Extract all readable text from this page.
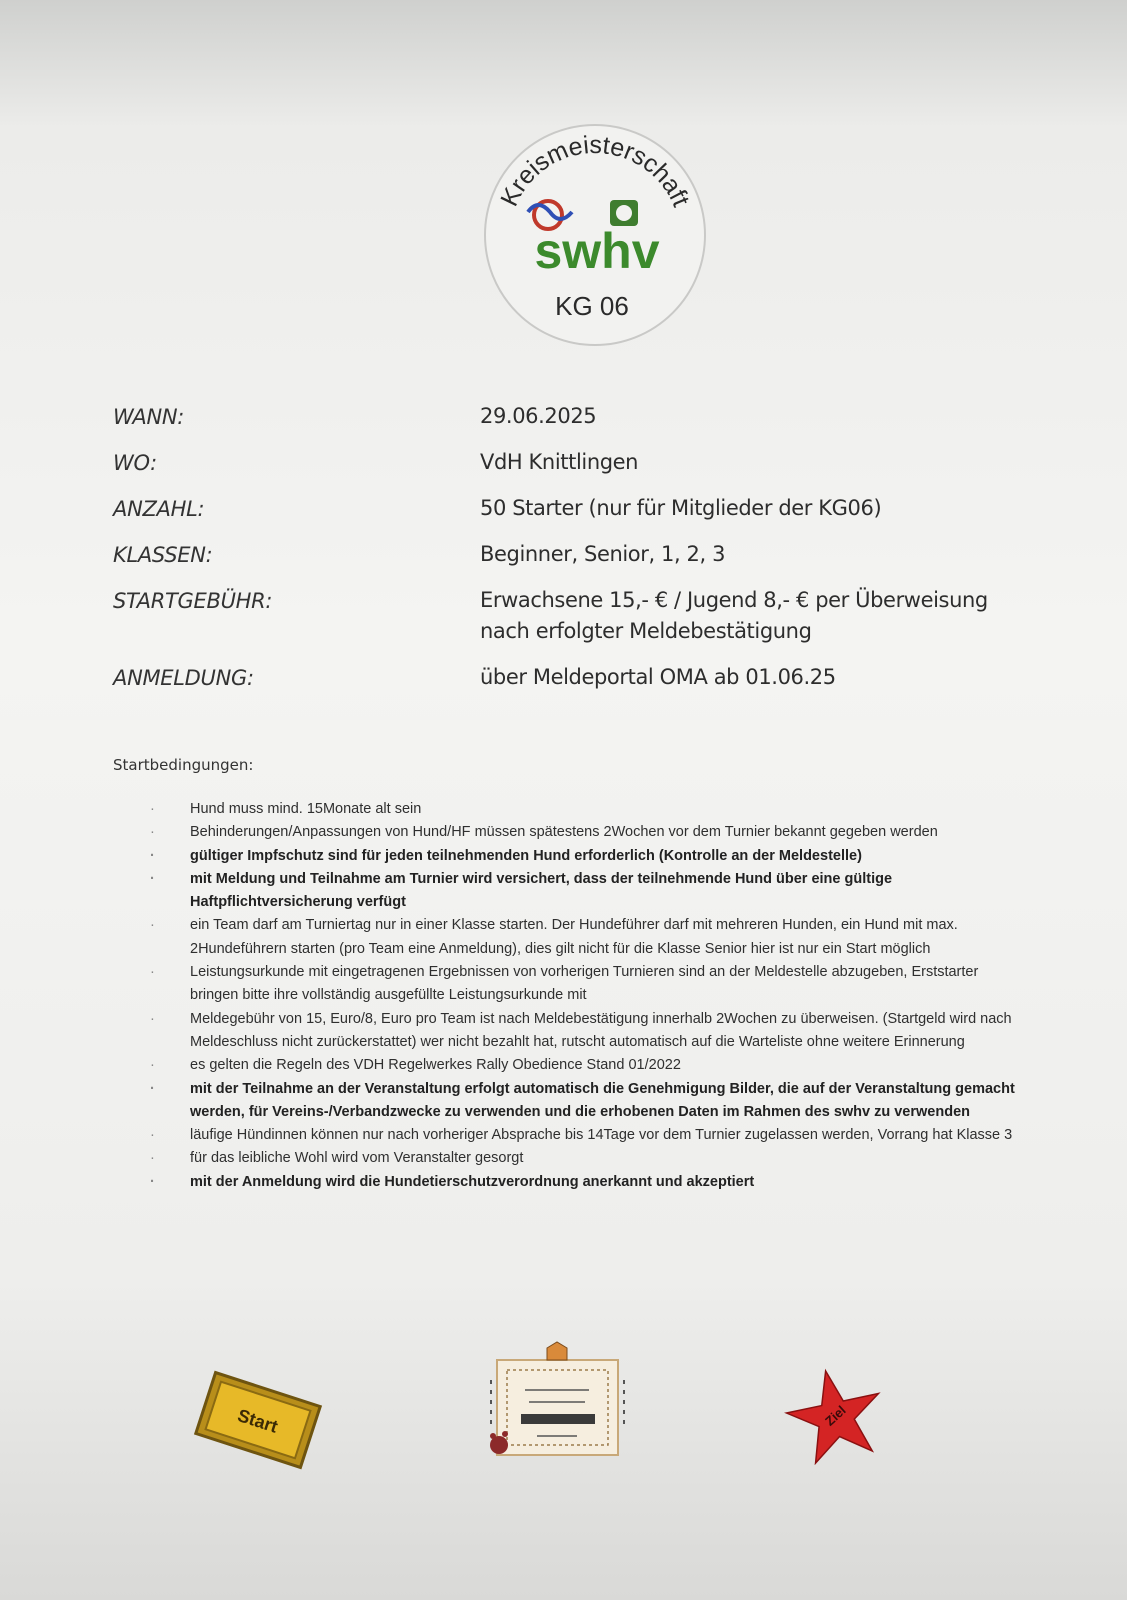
Kreismeisterschaft
swhv
KG 06
WANN:	29.06.2025
WO:	VdH Knittlingen
ANZAHL:	50 Starter (nur für Mitglieder der KG06)
KLASSEN:	Beginner, Senior, 1, 2, 3
STARTGEBÜHR:	Erwachsene 15,- € / Jugend 8,- € per Überweisung nach erfolgter Meldebestätigung
ANMELDUNG:	über Meldeportal OMA ab 01.06.25
Startbedingungen:
· Hund muss mind. 15Monate alt sein
· Behinderungen/Anpassungen von Hund/HF müssen spätestens 2Wochen vor dem Turnier bekannt gegeben werden
· gültiger Impfschutz sind für jeden teilnehmenden Hund erforderlich (Kontrolle an der Meldestelle)
· mit Meldung und Teilnahme am Turnier wird versichert, dass der teilnehmende Hund über eine gültige Haftpflichtversicherung verfügt
· ein Team darf am Turniertag nur in einer Klasse starten. Der Hundeführer darf mit mehreren Hunden, ein Hund mit max. 2Hundeführern starten (pro Team eine Anmeldung), dies gilt nicht für die Klasse Senior hier ist nur ein Start möglich
· Leistungsurkunde mit eingetragenen Ergebnissen von vorherigen Turnieren sind an der Meldestelle abzugeben, Erststarter bringen bitte ihre vollständig ausgefüllte Leistungsurkunde mit
· Meldegebühr von 15, Euro/8, Euro pro Team ist nach Meldebestätigung innerhalb 2Wochen zu überweisen. (Startgeld wird nach Meldeschluss nicht zurückerstattet) wer nicht bezahlt hat, rutscht automatisch auf die Warteliste ohne weitere Erinnerung
· es gelten die Regeln des VDH Regelwerkes Rally Obedience Stand 01/2022
· mit der Teilnahme an der Veranstaltung erfolgt automatisch die Genehmigung Bilder, die auf der Veranstaltung gemacht werden, für Vereins-/Verbandzwecke zu verwenden und die erhobenen Daten im Rahmen des swhv zu verwenden
· läufige Hündinnen können nur nach vorheriger Absprache bis 14Tage vor dem Turnier zugelassen werden, Vorrang hat Klasse 3
· für das leibliche Wohl wird vom Veranstalter gesorgt
· mit der Anmeldung wird die Hundetierschutzverordnung anerkannt und akzeptiert
Start	Ziel
